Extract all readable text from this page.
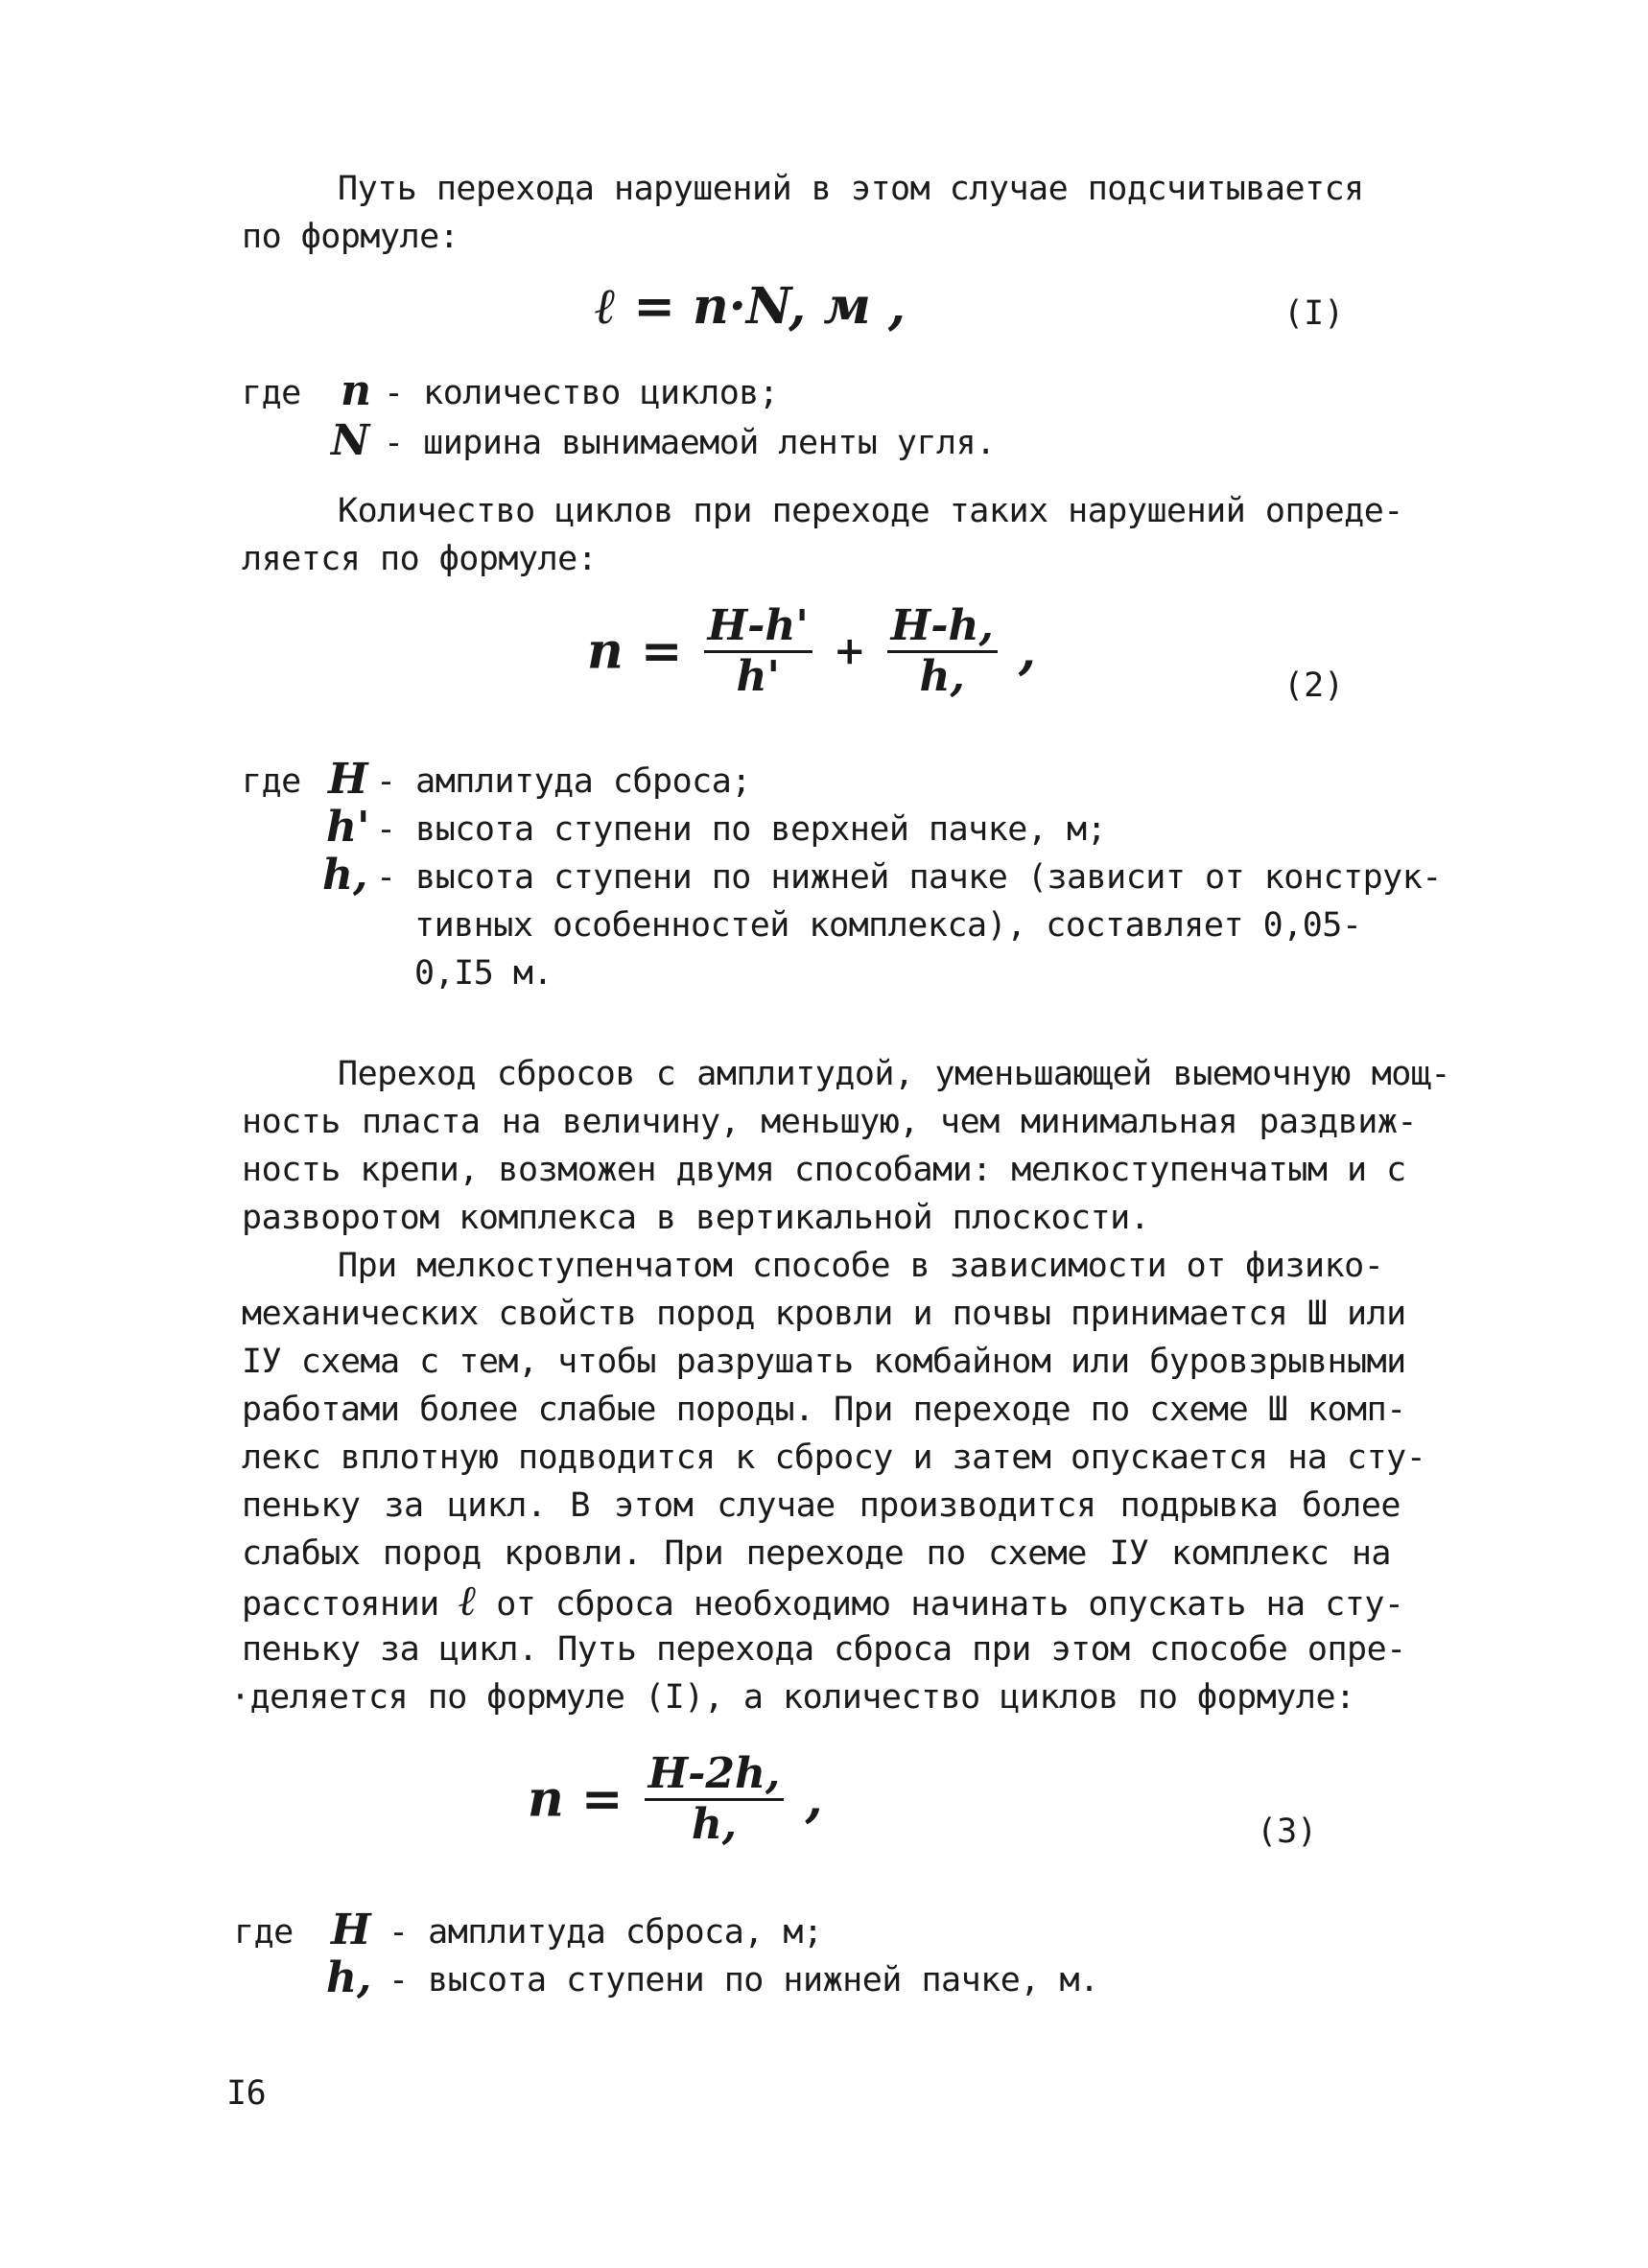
Путь перехода нарушений в этом случае подсчитывается
по формуле:
ℓ = n·N, м ,	(I)
где n - количество циклов;
N - ширина вынимаемой ленты угля.
Количество циклов при переходе таких нарушений опреде-
ляется по формуле:
$n = \frac{H-h'}{h'} + \frac{H-h,}{h,}$ ,
(2)
где H - амплитуда сброса;
h' - высота ступени по верхней пачке, м;
h, - высота ступени по нижней пачке (зависит от конструк-
тивных особенностей комплекса), составляет 0,05-
0,I5 м.
Переход сбросов с амплитудой, уменьшающей выемочную мощ-
ность пласта на величину, меньшую, чем минимальная раздвиж-
ность крепи, возможен двумя способами: мелкоступенчатым и с
разворотом комплекса в вертикальной плоскости.
При мелкоступенчатом способе в зависимости от физико-
механических свойств пород кровли и почвы принимается Ш или
IУ схема с тем, чтобы разрушать комбайном или буровзрывными
работами более слабые породы. При переходе по схеме Ш комп-
лекс вплотную подводится к сбросу и затем опускается на сту-
пеньку за цикл. В этом случае производится подрывка более
слабых пород кровли. При переходе по схеме IУ комплекс на
расстоянии ℓ от сброса необходимо начинать опускать на сту-
пеньку за цикл. Путь перехода сброса при этом способе опре-
·деляется по формуле (I), а количество циклов по формуле:
$n = \frac{H-2h,}{h,}$ ,
(3)
где H - амплитуда сброса, м;
h, - высота ступени по нижней пачке, м.
I6
